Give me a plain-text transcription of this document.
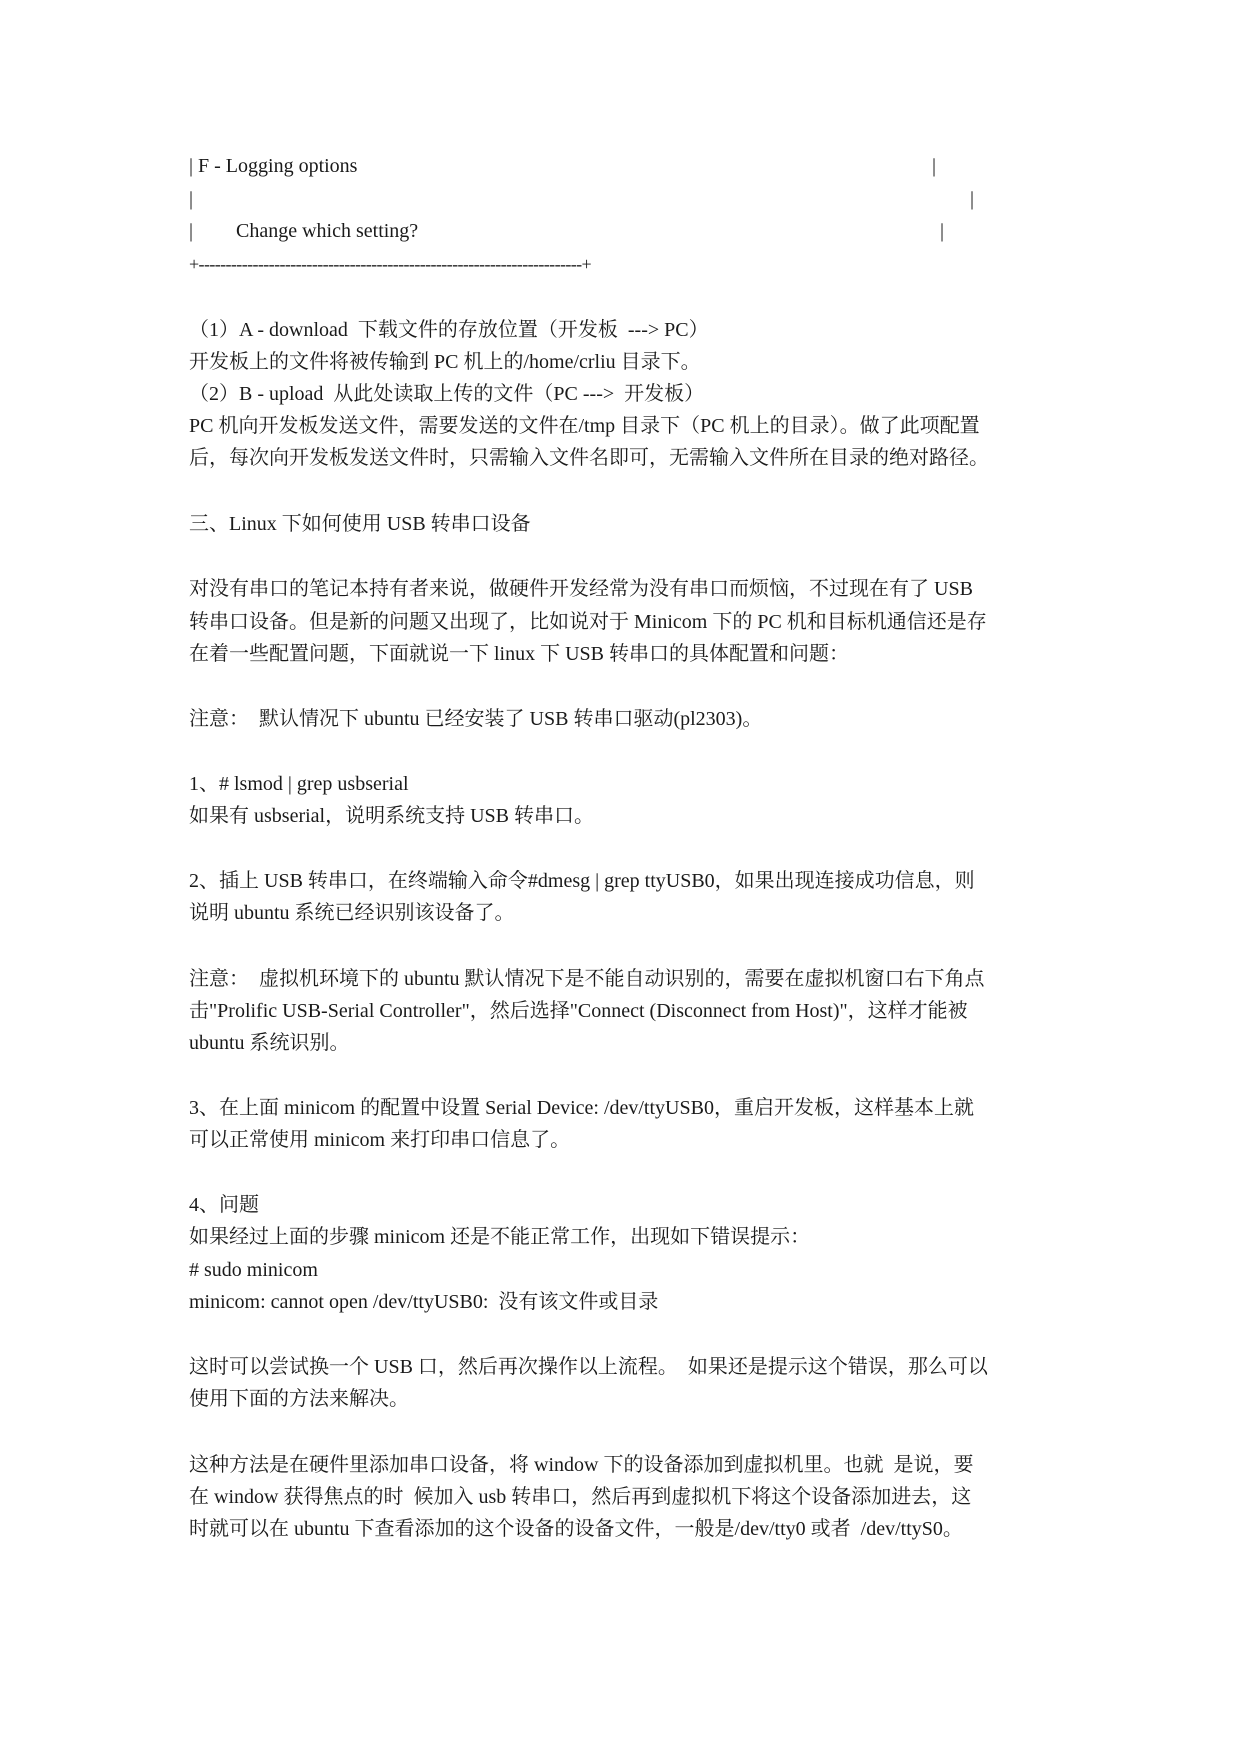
| F - Logging options	|
|	|
| Change which setting?	|
+-----------------------------------------------------------------------+
（1）A - download  下载文件的存放位置（开发板  ---> PC）
开发板上的文件将被传输到 PC 机上的/home/crliu 目录下。
（2）B - upload  从此处读取上传的文件（PC --->  开发板）
PC 机向开发板发送文件，需要发送的文件在/tmp 目录下（PC 机上的目录）。做了此项配置
后，每次向开发板发送文件时，只需输入文件名即可，无需输入文件所在目录的绝对路径。
三、Linux 下如何使用 USB 转串口设备
对没有串口的笔记本持有者来说，做硬件开发经常为没有串口而烦恼，不过现在有了 USB
转串口设备。但是新的问题又出现了，比如说对于 Minicom 下的 PC 机和目标机通信还是存
在着一些配置问题，下面就说一下 linux 下 USB 转串口的具体配置和问题：
注意：  默认情况下 ubuntu 已经安装了 USB 转串口驱动(pl2303)。
1、# lsmod | grep usbserial
如果有 usbserial，说明系统支持 USB 转串口。
2、插上 USB 转串口，在终端输入命令#dmesg | grep ttyUSB0，如果出现连接成功信息，则
说明 ubuntu 系统已经识别该设备了。
注意：  虚拟机环境下的 ubuntu 默认情况下是不能自动识别的，需要在虚拟机窗口右下角点
击"Prolific USB-Serial Controller"，然后选择"Connect (Disconnect from Host)"，这样才能被
ubuntu 系统识别。
3、在上面 minicom 的配置中设置 Serial Device: /dev/ttyUSB0，重启开发板，这样基本上就
可以正常使用 minicom 来打印串口信息了。
4、问题
如果经过上面的步骤 minicom 还是不能正常工作，出现如下错误提示：
# sudo minicom
minicom: cannot open /dev/ttyUSB0:  没有该文件或目录
这时可以尝试换一个 USB 口，然后再次操作以上流程。  如果还是提示这个错误，那么可以
使用下面的方法来解决。
这种方法是在硬件里添加串口设备，将 window 下的设备添加到虚拟机里。也就  是说，要
在 window 获得焦点的时  候加入 usb 转串口，然后再到虚拟机下将这个设备添加进去，这
时就可以在 ubuntu 下查看添加的这个设备的设备文件，一般是/dev/tty0 或者  /dev/ttyS0。
